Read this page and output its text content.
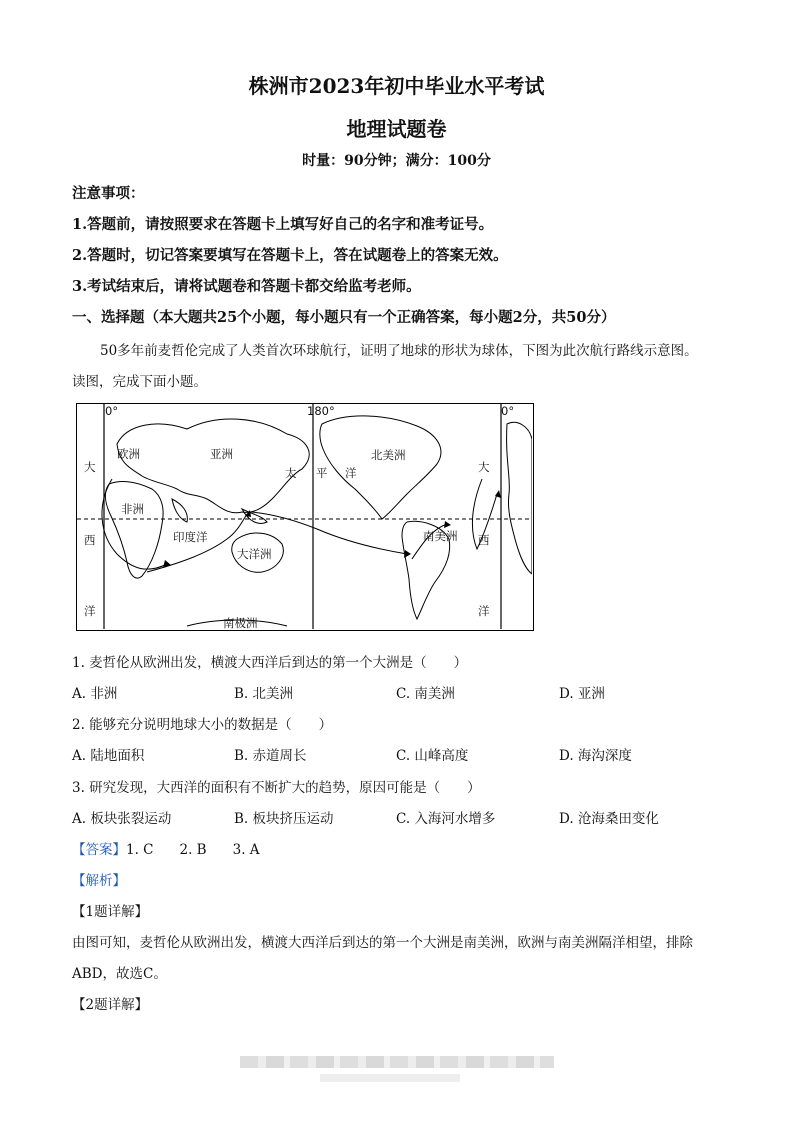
株洲市2023年初中毕业水平考试
地理试题卷
时量：90分钟；满分：100分
注意事项：
1.答题前，请按照要求在答题卡上填写好自己的名字和准考证号。
2.答题时，切记答案要填写在答题卡上，答在试题卷上的答案无效。
3.考试结束后，请将试题卷和答题卡都交给监考老师。
一、选择题（本大题共25个小题，每小题只有一个正确答案，每小题2分，共50分）
50多年前麦哲伦完成了人类首次环球航行，证明了地球的形状为球体，下图为此次航行路线示意图。
读图，完成下面小题。
0°	180°	0°
欧洲	亚洲	北美洲
非洲
南美洲
大洋洲
南极洲
太 平 洋
印度洋
大
西
洋
大
西
洋
1. 麦哲伦从欧洲出发，横渡大西洋后到达的第一个大洲是（　　）
A. 非洲	B. 北美洲	C. 南美洲	D. 亚洲
2. 能够充分说明地球大小的数据是（　　）
A. 陆地面积	B. 赤道周长	C. 山峰高度	D. 海沟深度
3. 研究发现，大西洋的面积有不断扩大的趋势，原因可能是（　　）
A. 板块张裂运动	B. 板块挤压运动	C. 入海河水增多	D. 沧海桑田变化
【答案】1. C 2. B 3. A
【解析】
【1题详解】
由图可知，麦哲伦从欧洲出发，横渡大西洋后到达的第一个大洲是南美洲，欧洲与南美洲隔洋相望，排除
ABD，故选C。
【2题详解】
